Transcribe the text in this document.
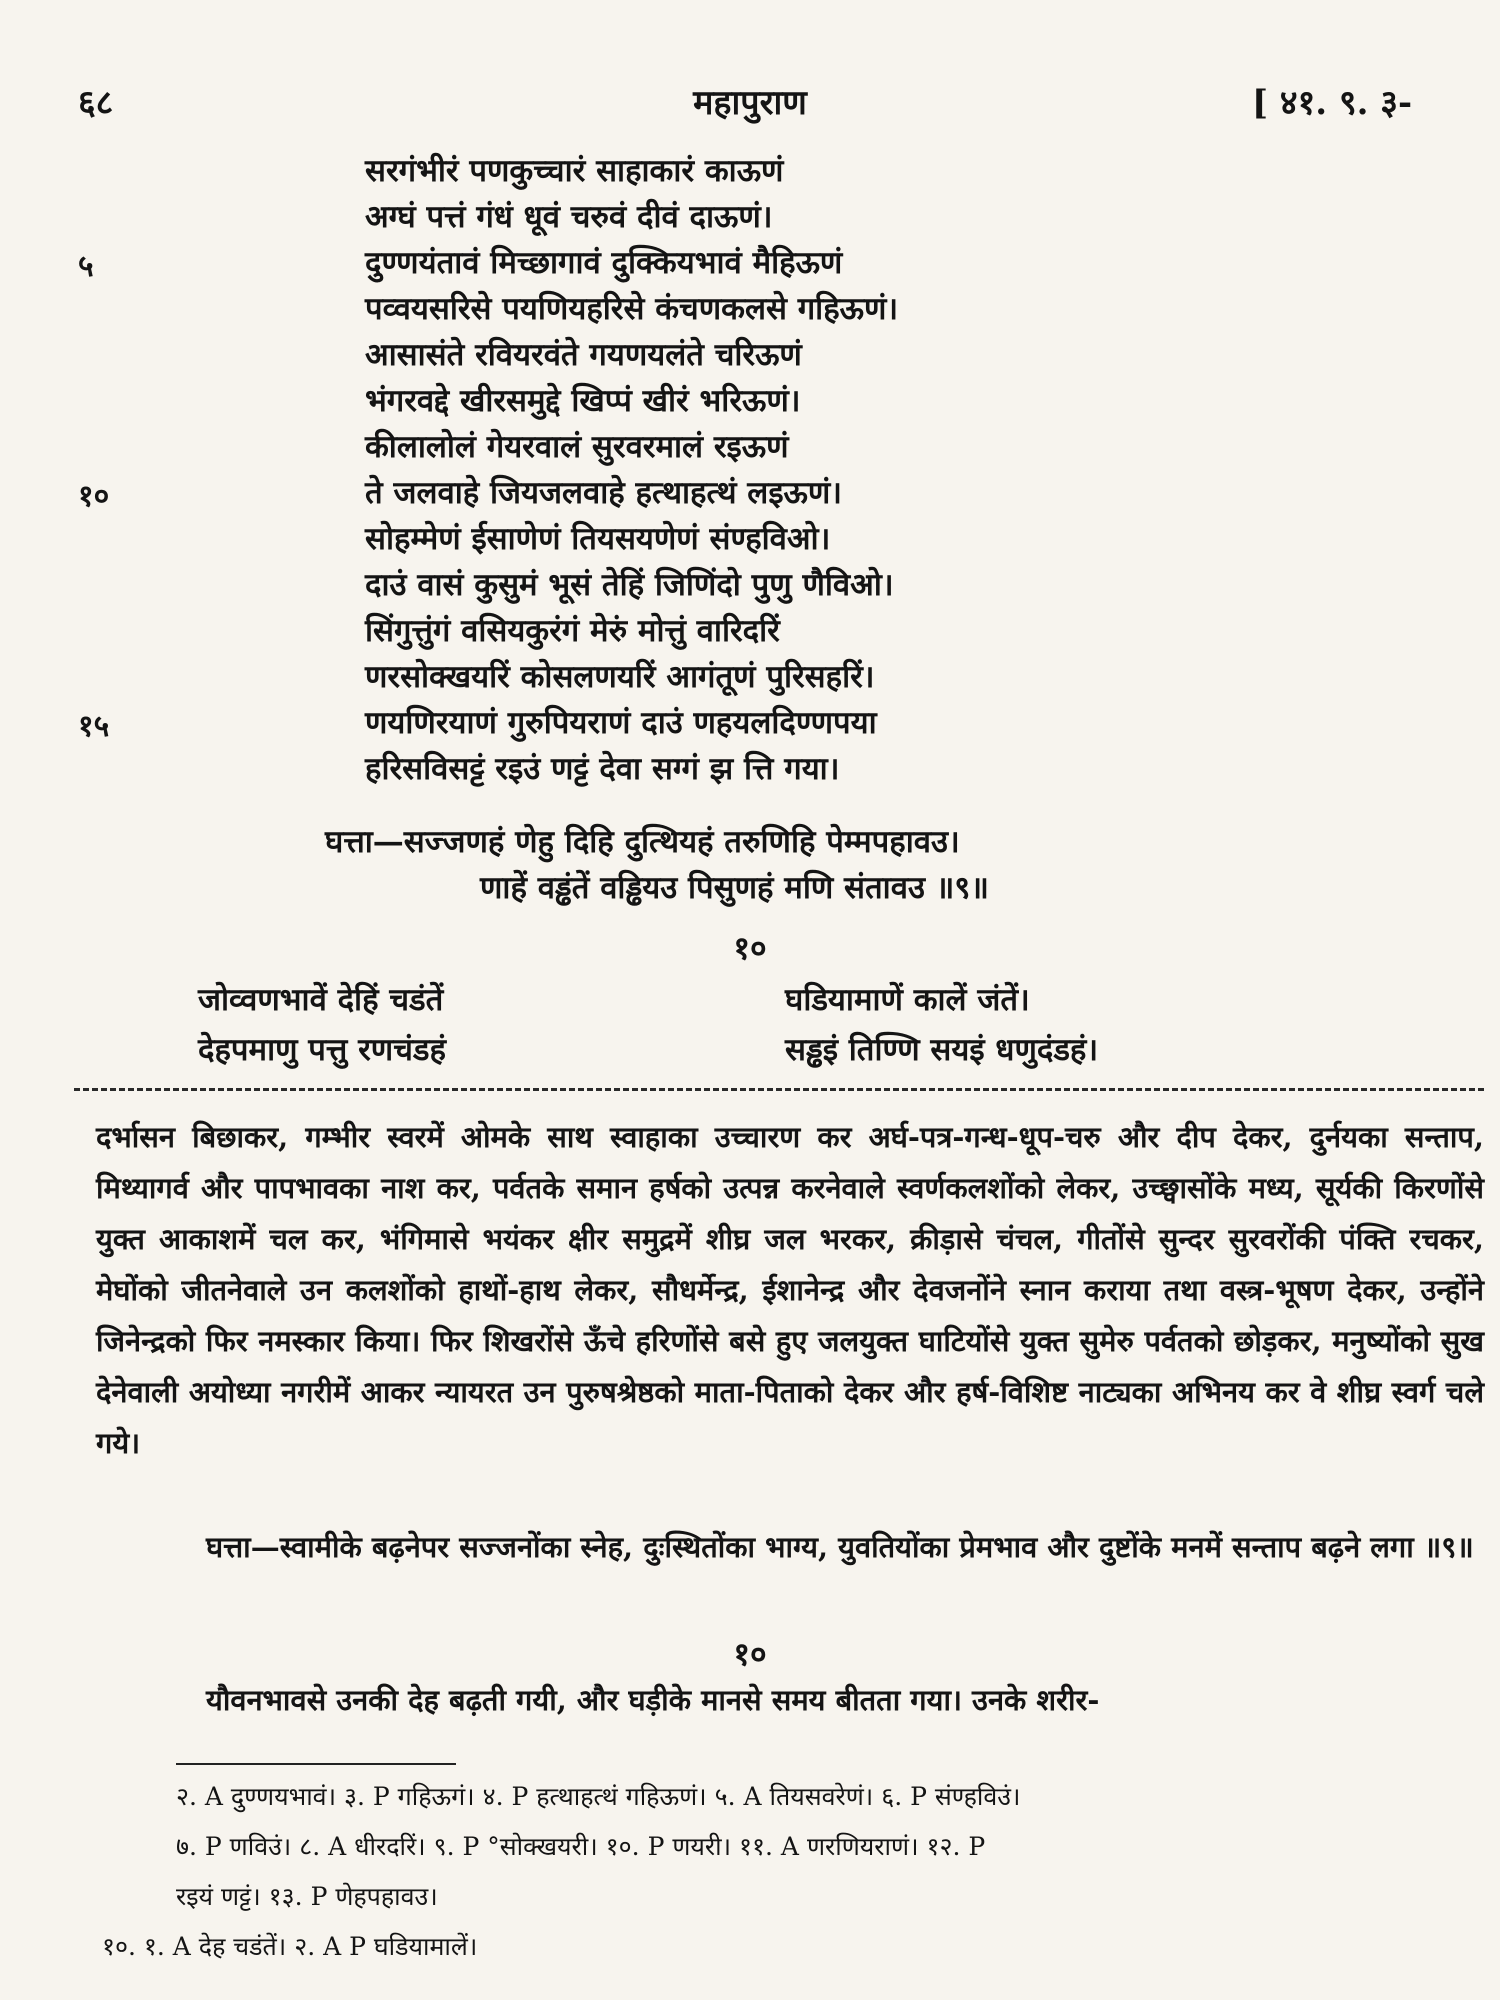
६८	महापुराण	[ ४१. ९. ३-
सरगंभीरं पणकुच्चारं साहाकारं काऊणं
अग्घं पत्तं गंधं धूवं चरुवं दीवं दाऊणं।
दुण्णयंतावं मिच्छागावं दुक्कियभावं मैहिऊणं
पव्वयसरिसे पयणियहरिसे कंचणकलसे गहिऊणं।
आसासंते रवियरवंते गयणयलंते चरिऊणं
भंगरवद्दे खीरसमुद्दे खिप्पं खीरं भरिऊणं।
कीलालोलं गेयरवालं सुरवरमालं रइऊणं
ते जलवाहे जियजलवाहे हत्थाहत्थं लइऊणं।
सोहम्मेणं ईसाणेणं तियसयणेणं संण्हविओ।
दाउं वासं कुसुमं भूसं तेहिं जिणिंदो पुणु णैविओ।
सिंगुत्तुंगं वसियकुरंगं मेरुं मोत्तुं वारिदरिं
णरसोक्खयरिं कोसलणयरिं आगंतूणं पुरिसहरिं।
णयणिरयाणं गुरुपियराणं दाउं णहयलदिण्णपया
हरिसविसट्टं रइउं णट्टं देवा सग्गं झ त्ति गया।
५
१०
१५
घत्ता—सज्जणहं णेहु दिहि दुत्थियहं तरुणिहि पेम्मपहावउ।
णाहें वड्ढंतें वड्ढियउ पिसुणहं मणि संतावउ ॥९॥
१०
जोव्वणभावें देहिं चडंतें	घडियामाणें कालें जंतें।
देहपमाणु पत्तु रणचंडहं	सड्ढइं तिण्णि सयइं धणुदंडहं।

दर्भासन बिछाकर, गम्भीर स्वरमें ओमके साथ स्वाहाका उच्चारण कर अर्घ-पत्र-गन्ध-धूप-चरु और दीप देकर, दुर्नयका सन्ताप, मिथ्यागर्व और पापभावका नाश कर, पर्वतके समान हर्षको उत्पन्न करनेवाले स्वर्णकलशोंको लेकर, उच्छ्वासोंके मध्य, सूर्यकी किरणोंसे युक्त आकाशमें चल कर, भंगिमासे भयंकर क्षीर समुद्रमें शीघ्र जल भरकर, क्रीड़ासे चंचल, गीतोंसे सुन्दर सुरवरोंकी पंक्ति रचकर, मेघोंको जीतनेवाले उन कलशोंको हाथों-हाथ लेकर, सौधर्मेन्द्र, ईशानेन्द्र और देवजनोंने स्नान कराया तथा वस्त्र-भूषण देकर, उन्होंने जिनेन्द्रको फिर नमस्कार किया। फिर शिखरोंसे ऊँचे हरिणोंसे बसे हुए जलयुक्त घाटियोंसे युक्त सुमेरु पर्वतको छोड़कर, मनुष्योंको सुख देनेवाली अयोध्या नगरीमें आकर न्यायरत उन पुरुषश्रेष्ठको माता-पिताको देकर और हर्ष-विशिष्ट नाट्यका अभिनय कर वे शीघ्र स्वर्ग चले गये।

घत्ता—स्वामीके बढ़नेपर सज्जनोंका स्नेह, दुःस्थितोंका भाग्य, युवतियोंका प्रेमभाव और दुष्टोंके मनमें सन्ताप बढ़ने लगा ॥९॥

१०

यौवनभावसे उनकी देह बढ़ती गयी, और घड़ीके मानसे समय बीतता गया। उनके शरीर-

२. A दुण्णयभावं। ३. P गहिऊगं। ४. P हत्थाहत्थं गहिऊणं। ५. A तियसवरेणं। ६. P संण्हविउं।

७. P णविउं। ८. A धीरदरिं। ९. P °सोक्खयरी। १०. P णयरी। ११. A णरणियराणं। १२. P

रइयं णट्टं। १३. P णेहपहावउ।

१०. १. A देह चडंतें। २. A P घडियामालें।
